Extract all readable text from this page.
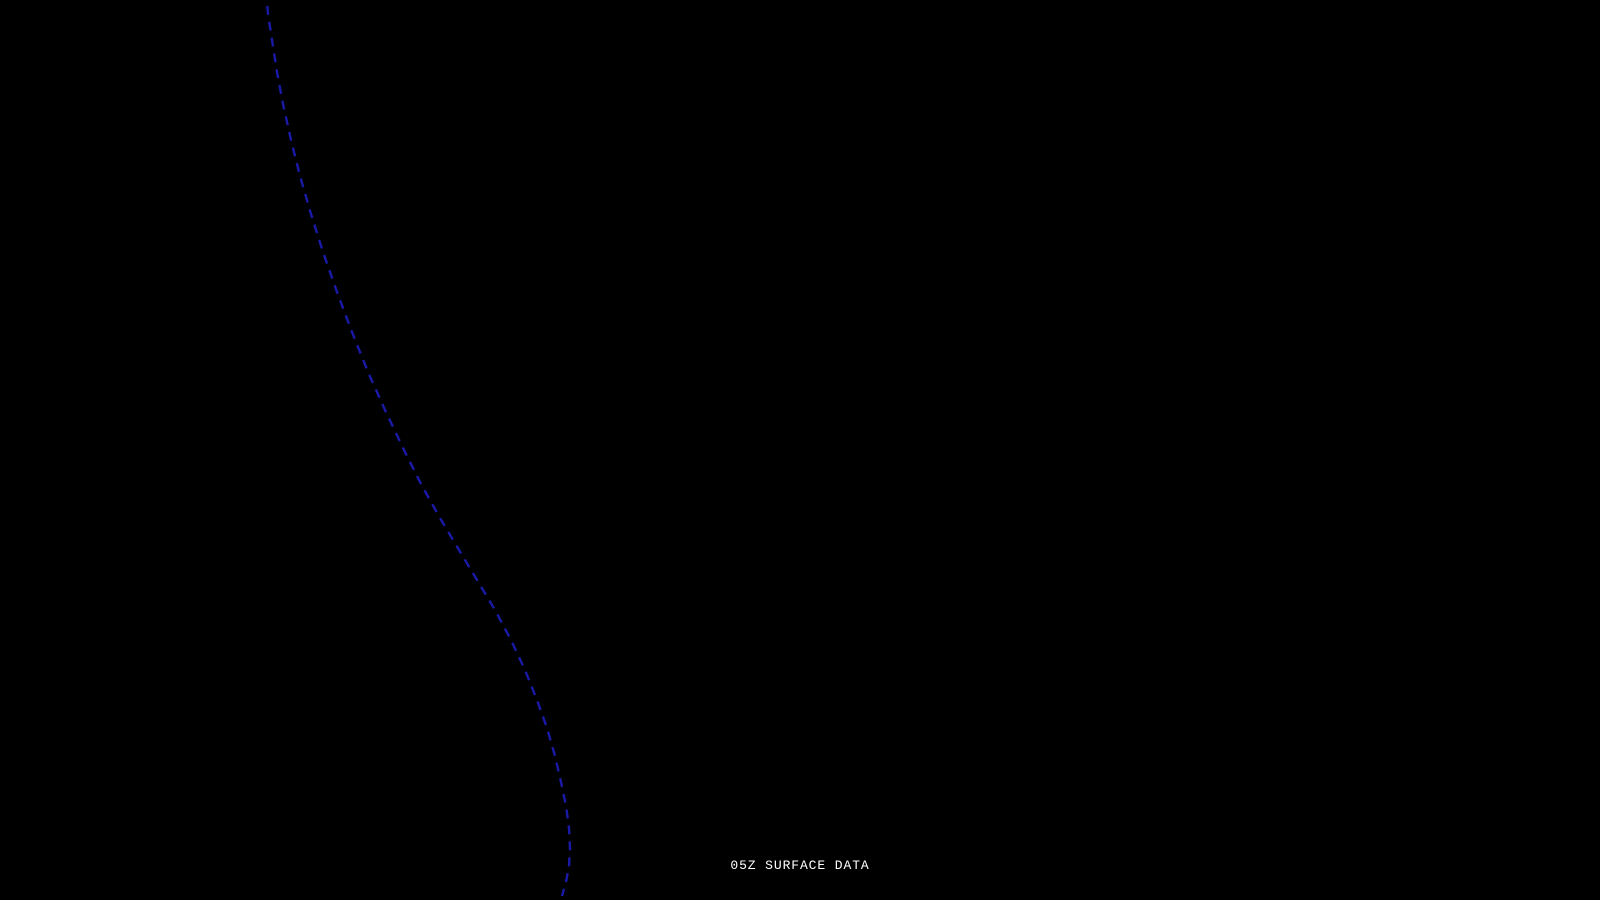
05Z SURFACE DATA
